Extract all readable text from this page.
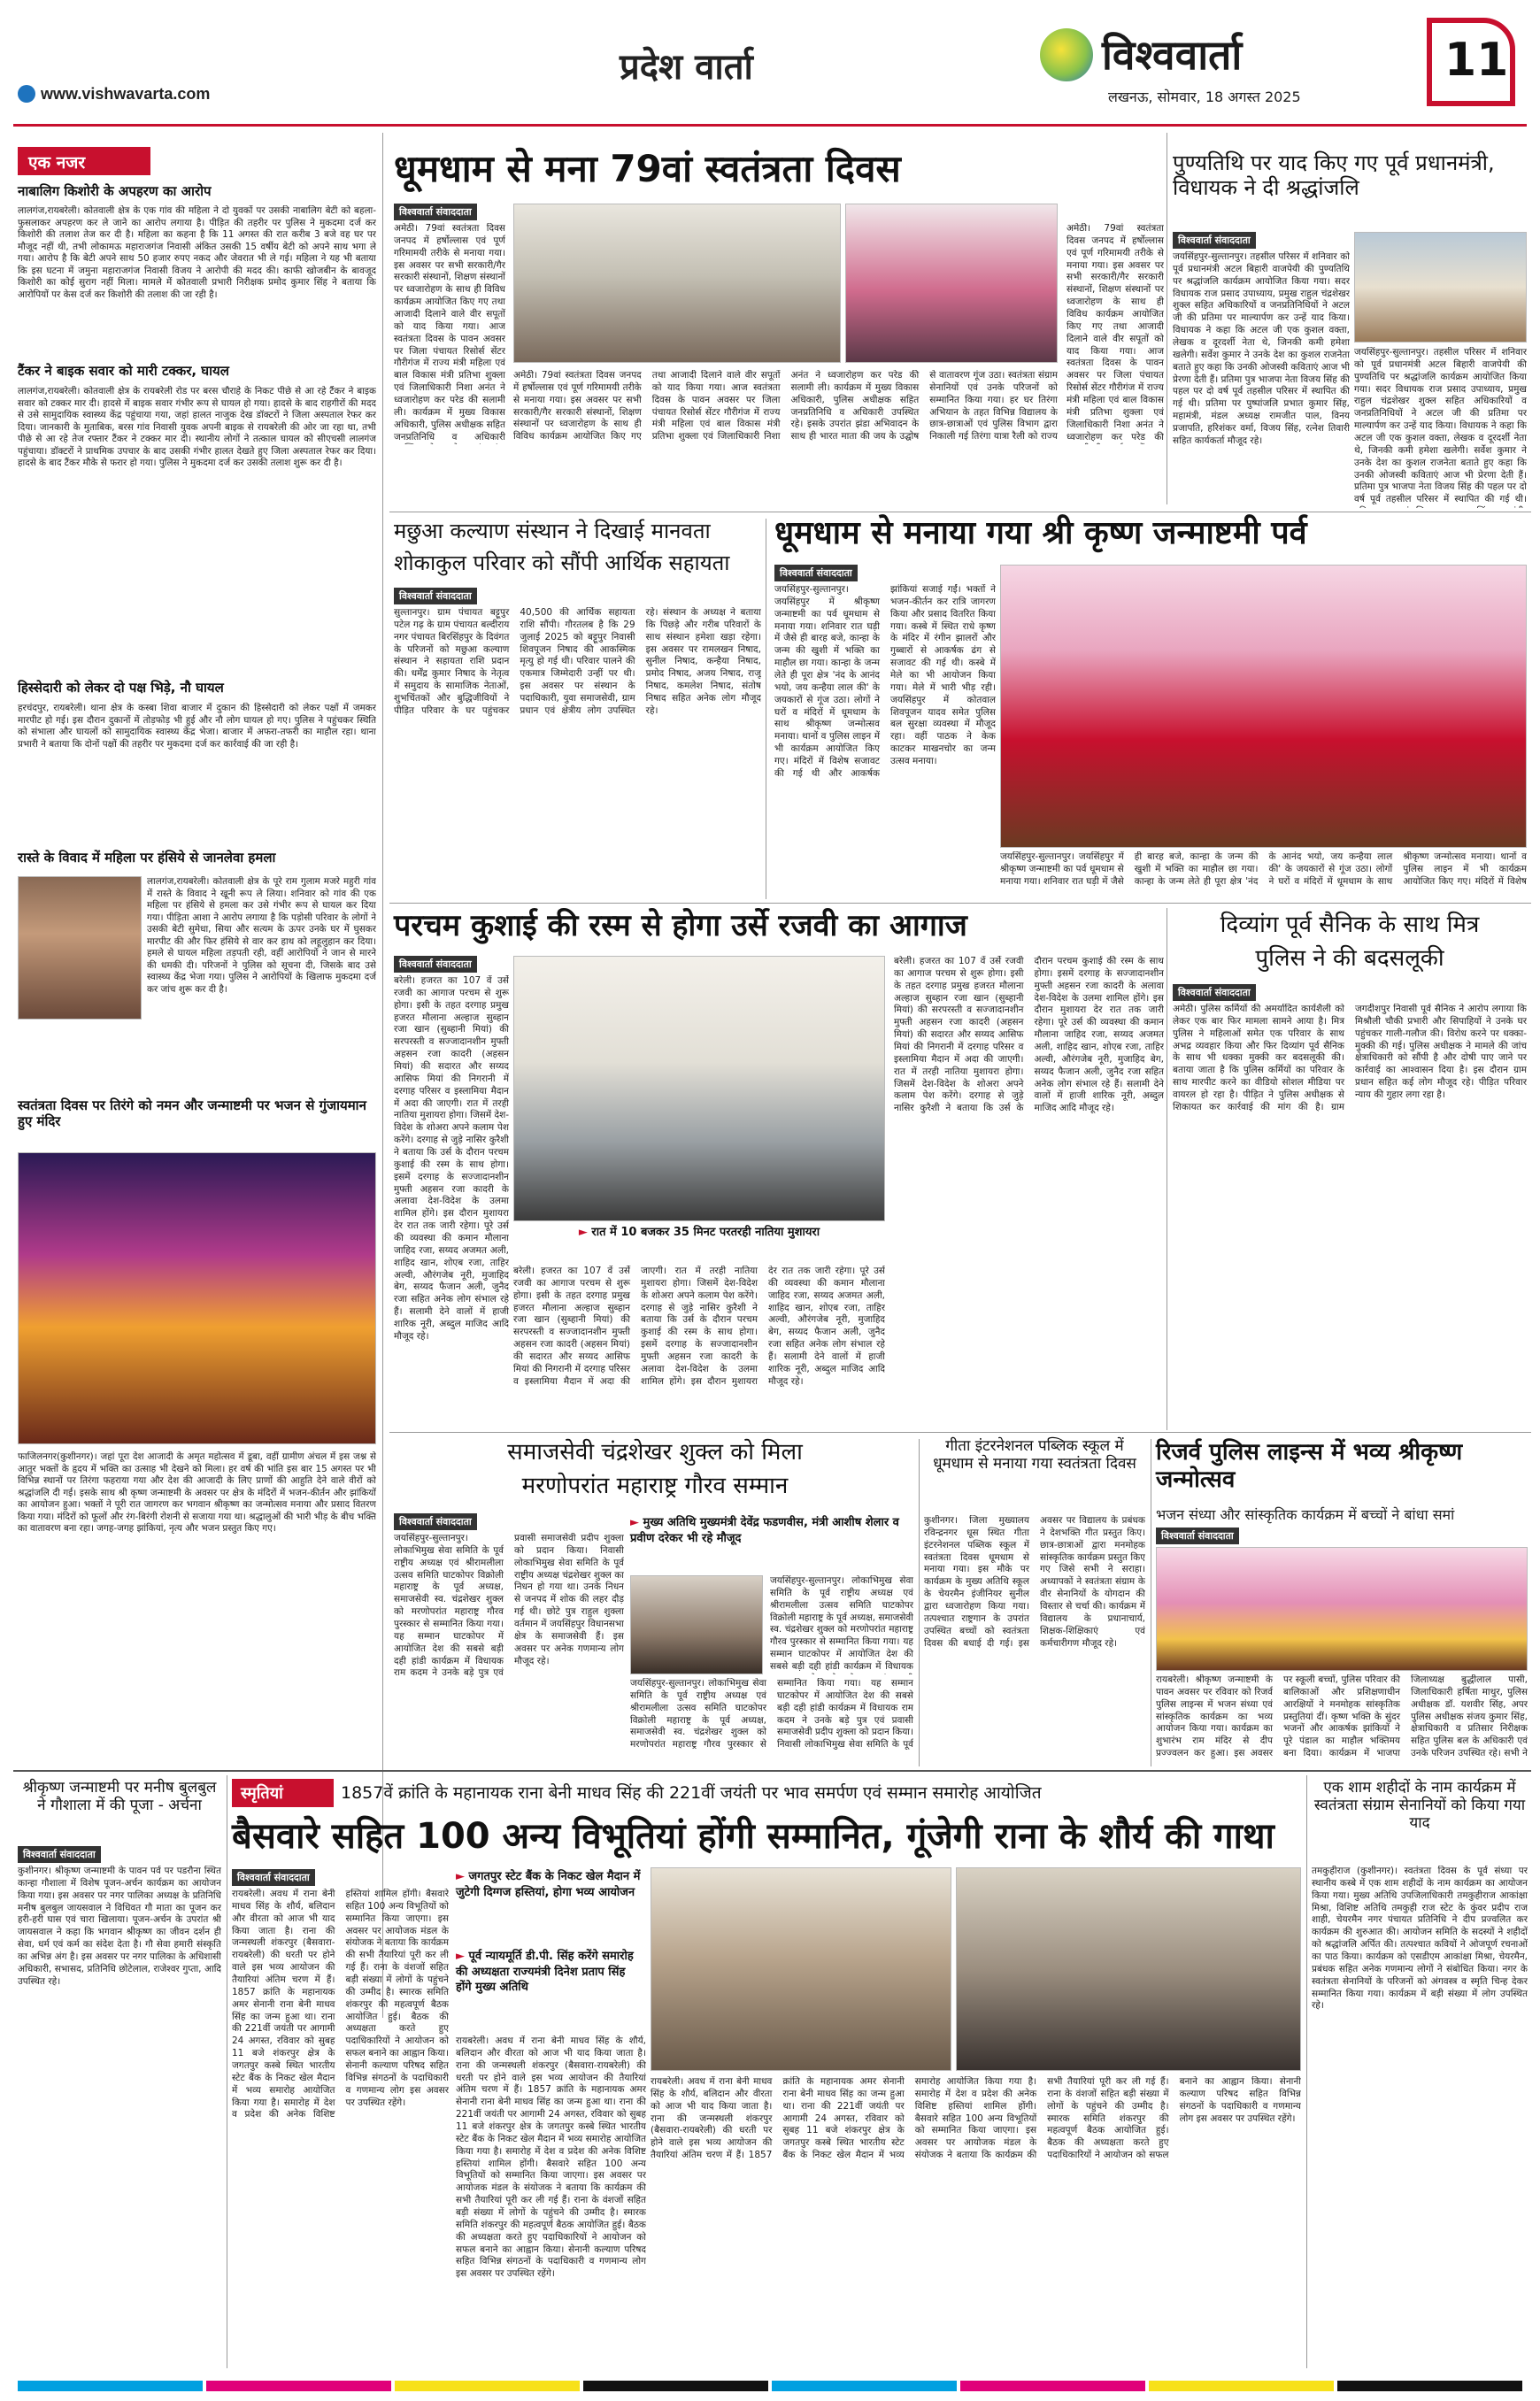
www.vishwavarta.com
प्रदेश वार्ता	विश्ववार्ता
लखनऊ, सोमवार, 18 अगस्त 2025
11
एक नजर
नाबालिग किशोरी के अपहरण का आरोप
लालगंज,रायबरेली। कोतवाली क्षेत्र के एक गांव की महिला ने दो युवकों पर उसकी नाबालिग बेटी को बहला-फुसलाकर अपहरण कर ले जाने का आरोप लगाया है। पीड़ित की तहरीर पर पुलिस ने मुकदमा दर्ज कर किशोरी की तलाश तेज कर दी है। महिला का कहना है कि 11 अगस्त की रात करीब 3 बजे वह घर पर मौजूद नहीं थी, तभी लोकामऊ महाराजगंज निवासी अंकित उसकी 15 वर्षीय बेटी को अपने साथ भगा ले गया। आरोप है कि बेटी अपने साथ 50 हजार रुपए नकद और जेवरात भी ले गई। महिला ने यह भी बताया कि इस घटना में जमुना महाराजगंज निवासी विजय ने आरोपी की मदद की। काफी खोजबीन के बावजूद किशोरी का कोई सुराग नहीं मिला। मामले में कोतवाली प्रभारी निरीक्षक प्रमोद कुमार सिंह ने बताया कि आरोपियों पर केस दर्ज कर किशोरी की तलाश की जा रही है।
टैंकर ने बाइक सवार को मारी टक्कर, घायल
लालगंज,रायबरेली। कोतवाली क्षेत्र के रायबरेली रोड पर बरस चौराहे के निकट पीछे से आ रहे टैंकर ने बाइक सवार को टक्कर मार दी। हादसे में बाइक सवार गंभीर रूप से घायल हो गया। हादसे के बाद राहगीरों की मदद से उसे सामुदायिक स्वास्थ्य केंद्र पहुंचाया गया, जहां हालत नाजुक देख डॉक्टरों ने जिला अस्पताल रेफर कर दिया। जानकारी के मुताबिक, बरस गांव निवासी युवक अपनी बाइक से रायबरेली की ओर जा रहा था, तभी पीछे से आ रहे तेज रफ्तार टैंकर ने टक्कर मार दी। स्थानीय लोगों ने तत्काल घायल को सीएचसी लालगंज पहुंचाया। डॉक्टरों ने प्राथमिक उपचार के बाद उसकी गंभीर हालत देखते हुए जिला अस्पताल रेफर कर दिया। हादसे के बाद टैंकर मौके से फरार हो गया। पुलिस ने मुकदमा दर्ज कर उसकी तलाश शुरू कर दी है।
हिस्सेदारी को लेकर दो पक्ष भिड़े, नौ घायल
हरचंदपुर, रायबरेली। थाना क्षेत्र के कस्बा शिवा बाजार में दुकान की हिस्सेदारी को लेकर पक्षों में जमकर मारपीट हो गई। इस दौरान दुकानों में तोड़फोड़ भी हुई और नौ लोग घायल हो गए। पुलिस ने पहुंचकर स्थिति को संभाला और घायलों को सामुदायिक स्वास्थ्य केंद्र भेजा। बाजार में अफरा-तफरी का माहौल रहा। थाना प्रभारी ने बताया कि दोनों पक्षों की तहरीर पर मुकदमा दर्ज कर कार्रवाई की जा रही है।
रास्ते के विवाद में महिला पर हंसिये से जानलेवा हमला
लालगंज,रायबरेली। कोतवाली क्षेत्र के पूरे राम गुलाम मजरे महुरी गांव में रास्ते के विवाद ने खूनी रूप ले लिया। शनिवार को गांव की एक महिला पर हंसिये से हमला कर उसे गंभीर रूप से घायल कर दिया गया। पीड़िता आशा ने आरोप लगाया है कि पड़ोसी परिवार के लोगों ने उसकी बेटी सुमेधा, सिया और सत्यम के ऊपर उनके घर में घुसकर मारपीट की और फिर हंसिये से वार कर हाथ को लहूलुहान कर दिया। हमले से घायल महिला तड़पती रही, वहीं आरोपियों ने जान से मारने की धमकी दी। परिजनों ने पुलिस को सूचना दी, जिसके बाद उसे स्वास्थ्य केंद्र भेजा गया। पुलिस ने आरोपियों के खिलाफ मुकदमा दर्ज कर जांच शुरू कर दी है।
स्वतंत्रता दिवस पर तिरंगे को नमन और जन्माष्टमी पर भजन से गुंजायमान हुए मंदिर
फाजिलनगर(कुशीनगर)। जहां पूरा देश आजादी के अमृत महोत्सव में डूबा, वहीं ग्रामीण अंचल में इस जश्न से आतुर भक्तों के हृदय में भक्ति का उत्साह भी देखने को मिला। हर वर्ष की भांति इस बार 15 अगस्त पर भी विभिन्न स्थानों पर तिरंगा फहराया गया और देश की आजादी के लिए प्राणों की आहुति देने वाले वीरों को श्रद्धांजलि दी गई। इसके साथ श्री कृष्ण जन्माष्टमी के अवसर पर क्षेत्र के मंदिरों में भजन-कीर्तन और झांकियों का आयोजन हुआ। भक्तों ने पूरी रात जागरण कर भगवान श्रीकृष्ण का जन्मोत्सव मनाया और प्रसाद वितरण किया गया। मंदिरों को फूलों और रंग-बिरंगी रोशनी से सजाया गया था। श्रद्धालुओं की भारी भीड़ के बीच भक्ति का वातावरण बना रहा। जगह-जगह झांकियां, नृत्य और भजन प्रस्तुत किए गए।
धूमधाम से मना 79वां स्वतंत्रता दिवस
विश्ववार्ता संवाददाता
अमेठी। 79वां स्वतंत्रता दिवस जनपद में हर्षोल्लास एवं पूर्ण गरिमामयी तरीके से मनाया गया। इस अवसर पर सभी सरकारी/गैर सरकारी संस्थानों, शिक्षण संस्थानों पर ध्वजारोहण के साथ ही विविध कार्यक्रम आयोजित किए गए तथा आजादी दिलाने वाले वीर सपूतों को याद किया गया। आज स्वतंत्रता दिवस के पावन अवसर पर जिला पंचायत रिसोर्स सेंटर गौरीगंज में राज्य मंत्री महिला एवं बाल विकास मंत्री प्रतिभा शुक्ला एवं जिलाधिकारी निशा अनंत ने ध्वजारोहण कर परेड की सलामी ली। कार्यक्रम में मुख्य विकास अधिकारी, पुलिस अधीक्षक सहित जनप्रतिनिधि व अधिकारी
अमेठी। 79वां स्वतंत्रता दिवस जनपद में हर्षोल्लास एवं पूर्ण गरिमामयी तरीके से मनाया गया। इस अवसर पर सभी सरकारी/गैर सरकारी संस्थानों, शिक्षण संस्थानों पर ध्वजारोहण के साथ ही विविध कार्यक्रम आयोजित किए गए तथा आजादी दिलाने वाले वीर सपूतों को याद किया गया। आज स्वतंत्रता दिवस के पावन अवसर पर जिला पंचायत रिसोर्स सेंटर गौरीगंज में राज्य मंत्री महिला एवं बाल विकास मंत्री प्रतिभा शुक्ला एवं जिलाधिकारी निशा अनंत ने ध्वजारोहण कर परेड की सलामी ली। कार्यक्रम में मुख्य विकास अधिकारी, पुलिस अधीक्षक सहित जनप्रतिनिधि व अधिकारी उपस्थित रहे। इसके उपरांत झंडा अभिवादन के साथ ही भारत माता की जय के उद्घोष से वातावरण गूंज उठा। स्वतंत्रता संग्राम सेनानियों एवं उनके परिजनों को सम्मानित किया गया। हर घर तिरंगा अभियान के तहत विभिन्न विद्यालय के छात्र-छात्राओं एवं पुलिस विभाग द्वारा निकाली गई तिरंगा यात्रा रैली को राज्य
अमेठी। 79वां स्वतंत्रता दिवस जनपद में हर्षोल्लास एवं पूर्ण गरिमामयी तरीके से मनाया गया। इस अवसर पर सभी सरकारी/गैर सरकारी संस्थानों, शिक्षण संस्थानों पर ध्वजारोहण के साथ ही विविध कार्यक्रम आयोजित किए गए तथा आजादी दिलाने वाले वीर सपूतों को याद किया गया। आज स्वतंत्रता दिवस के पावन अवसर पर जिला पंचायत रिसोर्स सेंटर गौरीगंज में राज्य मंत्री महिला एवं बाल विकास मंत्री प्रतिभा शुक्ला एवं जिलाधिकारी निशा अनंत ने ध्वजारोहण कर परेड की
पुण्यतिथि पर याद किए गए पूर्व प्रधानमंत्री, विधायक ने दी श्रद्धांजलि
विश्ववार्ता संवाददाता
जयसिंहपुर-सुल्तानपुर। तहसील परिसर में शनिवार को पूर्व प्रधानमंत्री अटल बिहारी वाजपेयी की पुण्यतिथि पर श्रद्धांजलि कार्यक्रम आयोजित किया गया। सदर विधायक राज प्रसाद उपाध्याय, प्रमुख राहुल चंद्रशेखर शुक्ल सहित अधिकारियों व जनप्रतिनिधियों ने अटल जी की प्रतिमा पर माल्यार्पण कर उन्हें याद किया। विधायक ने कहा कि अटल जी एक कुशल वक्ता, लेखक व दूरदर्शी नेता थे, जिनकी कमी हमेशा खलेगी। सर्वेश कुमार ने उनके देश का कुशल राजनेता बताते हुए कहा कि उनकी ओजस्वी कविताएं आज भी प्रेरणा देती हैं। प्रतिमा पुत्र भाजपा नेता विजय सिंह की पहल पर दो वर्ष पूर्व तहसील परिसर में स्थापित की गई थी। प्रतिमा पर पुष्पांजलि प्रभात कुमार सिंह, महामंत्री, मंडल अध्यक्ष रामजीत पाल, विनय प्रजापति, हरिशंकर वर्मा, विजय सिंह, रत्नेश तिवारी सहित कार्यकर्ता मौजूद रहे।
जयसिंहपुर-सुल्तानपुर। तहसील परिसर में शनिवार को पूर्व प्रधानमंत्री अटल बिहारी वाजपेयी की पुण्यतिथि पर श्रद्धांजलि कार्यक्रम आयोजित किया गया। सदर विधायक राज प्रसाद उपाध्याय, प्रमुख राहुल चंद्रशेखर शुक्ल सहित अधिकारियों व जनप्रतिनिधियों ने अटल जी की प्रतिमा पर माल्यार्पण कर उन्हें याद किया। विधायक ने कहा कि अटल जी एक कुशल वक्ता, लेखक व दूरदर्शी नेता थे, जिनकी कमी हमेशा खलेगी। सर्वेश कुमार ने उनके देश का कुशल राजनेता बताते हुए कहा कि उनकी ओजस्वी कविताएं आज भी प्रेरणा देती हैं। प्रतिमा पुत्र भाजपा नेता विजय सिंह की पहल पर दो वर्ष पूर्व तहसील परिसर में स्थापित की गई थी।
मछुआ कल्याण संस्थान ने दिखाई मानवता
शोकाकुल परिवार को सौंपी आर्थिक सहायता
विश्ववार्ता संवाददाता
सुल्तानपुर। ग्राम पंचायत बट्टूपुर पटेल गढ़ के ग्राम पंचायत बल्दीराय नगर पंचायत बिरसिंहपुर के दिवंगत के परिजनों को मछुआ कल्याण संस्थान ने सहायता राशि प्रदान की। धर्मेंद्र कुमार निषाद के नेतृत्व में समुदाय के सामाजिक नेताओं, शुभचिंतकों और बुद्धिजीवियों ने पीड़ित परिवार के घर पहुंचकर 40,500 की आर्थिक सहायता राशि सौंपी। गौरतलब है कि 29 जुलाई 2025 को बट्टूपुर निवासी शिवपूजन निषाद की आकस्मिक मृत्यु हो गई थी। परिवार पालने की एकमात्र जिम्मेदारी उन्हीं पर थी। इस अवसर पर संस्थान के पदाधिकारी, युवा समाजसेवी, ग्राम प्रधान एवं क्षेत्रीय लोग उपस्थित रहे। संस्थान के अध्यक्ष ने बताया कि पिछड़े और गरीब परिवारों के साथ संस्थान हमेशा खड़ा रहेगा। इस अवसर पर रामलखन निषाद, सुनील निषाद, कन्हैया निषाद, प्रमोद निषाद, अजय निषाद, राजू निषाद, कमलेश निषाद, संतोष निषाद सहित अनेक लोग मौजूद रहे।
धूमधाम से मनाया गया श्री कृष्ण जन्माष्टमी पर्व
विश्ववार्ता संवाददाता
जयसिंहपुर-सुल्तानपुर। जयसिंहपुर में श्रीकृष्ण जन्माष्टमी का पर्व धूमधाम से मनाया गया। शनिवार रात घड़ी में जैसे ही बारह बजे, कान्हा के जन्म की खुशी में भक्ति का माहौल छा गया। कान्हा के जन्म लेते ही पूरा क्षेत्र 'नंद के आनंद भयो, जय कन्हैया लाल की' के जयकारों से गूंज उठा। लोगों ने घरों व मंदिरों में धूमधाम के साथ श्रीकृष्ण जन्मोत्सव मनाया। थानों व पुलिस लाइन में भी कार्यक्रम आयोजित किए गए। मंदिरों में विशेष सजावट की गई थी और आकर्षक झांकियां सजाई गईं। भक्तों ने भजन-कीर्तन कर रात्रि जागरण किया और प्रसाद वितरित किया गया। कस्बे में स्थित राधे कृष्ण के मंदिर में रंगीन झालरों और गुब्बारों से आकर्षक ढंग से सजावट की गई थी। कस्बे में मेले का भी आयोजन किया गया। मेले में भारी भीड़ रही। जयसिंहपुर में कोतवाल शिवपूजन यादव समेत पुलिस बल सुरक्षा व्यवस्था में मौजूद रहा। वहीं पाठक ने केक काटकर माखनचोर का जन्म उत्सव मनाया।
जयसिंहपुर-सुल्तानपुर। जयसिंहपुर में श्रीकृष्ण जन्माष्टमी का पर्व धूमधाम से मनाया गया। शनिवार रात घड़ी में जैसे ही बारह बजे, कान्हा के जन्म की खुशी में भक्ति का माहौल छा गया। कान्हा के जन्म लेते ही पूरा क्षेत्र 'नंद के आनंद भयो, जय कन्हैया लाल की' के जयकारों से गूंज उठा। लोगों ने घरों व मंदिरों में धूमधाम के साथ श्रीकृष्ण जन्मोत्सव मनाया। थानों व पुलिस लाइन में भी कार्यक्रम आयोजित किए गए। मंदिरों में विशेष
परचम कुशाई की रस्म से होगा उर्से रजवी का आगाज
विश्ववार्ता संवाददाता
बरेली। हजरत का 107 वें उर्से रजवी का आगाज परचम से शुरू होगा। इसी के तहत दरगाह प्रमुख हजरत मौलाना अल्हाज सुब्हान रजा खान (सुब्हानी मियां) की सरपरस्ती व सज्जादानशीन मुफ्ती अहसन रजा कादरी (अहसन मियां) की सदारत और सय्यद आसिफ मियां की निगरानी में दरगाह परिसर व इस्लामिया मैदान में अदा की जाएगी। रात में तरही नातिया मुशायरा होगा। जिसमें देश-विदेश के शोअरा अपने कलाम पेश करेंगे। दरगाह से जुड़े नासिर कुरैशी ने बताया कि उर्स के दौरान परचम कुशाई की रस्म के साथ होगा। इसमें दरगाह के सज्जादानशीन मुफ्ती अहसन रजा कादरी के अलावा देश-विदेश के उलमा शामिल होंगे। इस दौरान मुशायरा देर रात तक जारी रहेगा। पूरे उर्स की व्यवस्था की कमान मौलाना जाहिद रजा, सय्यद अजमत अली, शाहिद खान, शोएब रजा, ताहिर अल्वी, औरंगजेब नूरी, मुजाहिद बेग, सय्यद फैजान अली, जुनैद रजा सहित अनेक लोग संभाल रहे हैं। सलामी देने वालों में हाजी शारिक नूरी, अब्दुल माजिद आदि मौजूद रहे।
► रात में 10 बजकर 35 मिनट परतरही नातिया मुशायरा
बरेली। हजरत का 107 वें उर्से रजवी का आगाज परचम से शुरू होगा। इसी के तहत दरगाह प्रमुख हजरत मौलाना अल्हाज सुब्हान रजा खान (सुब्हानी मियां) की सरपरस्ती व सज्जादानशीन मुफ्ती अहसन रजा कादरी (अहसन मियां) की सदारत और सय्यद आसिफ मियां की निगरानी में दरगाह परिसर व इस्लामिया मैदान में अदा की जाएगी। रात में तरही नातिया मुशायरा होगा। जिसमें देश-विदेश के शोअरा अपने कलाम पेश करेंगे। दरगाह से जुड़े नासिर कुरैशी ने बताया कि उर्स के दौरान परचम कुशाई की रस्म के साथ होगा। इसमें दरगाह के सज्जादानशीन मुफ्ती अहसन रजा कादरी के अलावा देश-विदेश के उलमा शामिल होंगे। इस दौरान मुशायरा देर रात तक जारी रहेगा। पूरे उर्स की व्यवस्था की कमान मौलाना जाहिद रजा, सय्यद अजमत अली, शाहिद खान, शोएब रजा, ताहिर अल्वी, औरंगजेब नूरी, मुजाहिद बेग, सय्यद फैजान अली, जुनैद रजा सहित अनेक लोग संभाल रहे हैं। सलामी देने वालों में हाजी शारिक नूरी, अब्दुल माजिद आदि मौजूद रहे।
बरेली। हजरत का 107 वें उर्से रजवी का आगाज परचम से शुरू होगा। इसी के तहत दरगाह प्रमुख हजरत मौलाना अल्हाज सुब्हान रजा खान (सुब्हानी मियां) की सरपरस्ती व सज्जादानशीन मुफ्ती अहसन रजा कादरी (अहसन मियां) की सदारत और सय्यद आसिफ मियां की निगरानी में दरगाह परिसर व इस्लामिया मैदान में अदा की जाएगी। रात में तरही नातिया मुशायरा होगा। जिसमें देश-विदेश के शोअरा अपने कलाम पेश करेंगे। दरगाह से जुड़े नासिर कुरैशी ने बताया कि उर्स के दौरान परचम कुशाई की रस्म के साथ होगा। इसमें दरगाह के सज्जादानशीन मुफ्ती अहसन रजा कादरी के अलावा देश-विदेश के उलमा शामिल होंगे। इस दौरान मुशायरा देर रात तक जारी रहेगा। पूरे उर्स की व्यवस्था की कमान मौलाना जाहिद रजा, सय्यद अजमत अली, शाहिद खान, शोएब रजा, ताहिर अल्वी, औरंगजेब नूरी, मुजाहिद बेग, सय्यद फैजान अली, जुनैद रजा सहित अनेक लोग संभाल रहे हैं। सलामी देने वालों में हाजी शारिक नूरी, अब्दुल माजिद आदि मौजूद रहे।
दिव्यांग पूर्व सैनिक के साथ मित्र
पुलिस ने की बदसलूकी
विश्ववार्ता संवाददाता
अमेठी। पुलिस कर्मियों की अमर्यादित कार्यशैली को लेकर एक बार फिर मामला सामने आया है। मित्र पुलिस ने महिलाओं समेत एक परिवार के साथ अभद्र व्यवहार किया और फिर दिव्यांग पूर्व सैनिक के साथ भी धक्का मुक्की कर बदसलूकी की। बताया जाता है कि पुलिस कर्मियों का परिवार के साथ मारपीट करने का वीडियो सोशल मीडिया पर वायरल हो रहा है। पीड़ित ने पुलिस अधीक्षक से शिकायत कर कार्रवाई की मांग की है। ग्राम जगदीशपुर निवासी पूर्व सैनिक ने आरोप लगाया कि मिश्रौली चौकी प्रभारी और सिपाहियों ने उनके घर पहुंचकर गाली-गलौज की। विरोध करने पर धक्का-मुक्की की गई। पुलिस अधीक्षक ने मामले की जांच क्षेत्राधिकारी को सौंपी है और दोषी पाए जाने पर कार्रवाई का आश्वासन दिया है। इस दौरान ग्राम प्रधान सहित कई लोग मौजूद रहे। पीड़ित परिवार न्याय की गुहार लगा रहा है।
समाजसेवी चंद्रशेखर शुक्ल को मिला
मरणोपरांत महाराष्ट्र गौरव सम्मान
विश्ववार्ता संवाददाता
जयसिंहपुर-सुल्तानपुर। लोकाभिमुख सेवा समिति के पूर्व राष्ट्रीय अध्यक्ष एवं श्रीरामलीला उत्सव समिति घाटकोपर विक्रोली महाराष्ट्र के पूर्व अध्यक्ष, समाजसेवी स्व. चंद्रशेखर शुक्ल को मरणोपरांत महाराष्ट्र गौरव पुरस्कार से सम्मानित किया गया। यह सम्मान घाटकोपर में आयोजित देश की सबसे बड़ी दही हांडी कार्यक्रम में विधायक राम कदम ने उनके बड़े पुत्र एवं प्रवासी समाजसेवी प्रदीप शुक्ला को प्रदान किया। निवासी लोकाभिमुख सेवा समिति के पूर्व राष्ट्रीय अध्यक्ष चंद्रशेखर शुक्ल का निधन हो गया था। उनके निधन से जनपद में शोक की लहर दौड़ गई थी। छोटे पुत्र राहुल शुक्ला वर्तमान में जयसिंहपुर विधानसभा क्षेत्र के समाजसेवी हैं। इस अवसर पर अनेक गणमान्य लोग मौजूद रहे।
► मुख्य अतिथि मुख्यमंत्री देवेंद्र फडणवीस, मंत्री आशीष शेलार व प्रवीण दरेकर भी रहे मौजूद
जयसिंहपुर-सुल्तानपुर। लोकाभिमुख सेवा समिति के पूर्व राष्ट्रीय अध्यक्ष एवं श्रीरामलीला उत्सव समिति घाटकोपर विक्रोली महाराष्ट्र के पूर्व अध्यक्ष, समाजसेवी स्व. चंद्रशेखर शुक्ल को मरणोपरांत महाराष्ट्र गौरव पुरस्कार से सम्मानित किया गया। यह सम्मान घाटकोपर में आयोजित देश की सबसे बड़ी दही हांडी कार्यक्रम में विधायक राम कदम ने उनके बड़े पुत्र एवं प्रवासी समाजसेवी प्रदीप शुक्ला को प्रदान किया। निवासी लोकाभिमुख सेवा समिति के पूर्व
जयसिंहपुर-सुल्तानपुर। लोकाभिमुख सेवा समिति के पूर्व राष्ट्रीय अध्यक्ष एवं श्रीरामलीला उत्सव समिति घाटकोपर विक्रोली महाराष्ट्र के पूर्व अध्यक्ष, समाजसेवी स्व. चंद्रशेखर शुक्ल को मरणोपरांत महाराष्ट्र गौरव पुरस्कार से सम्मानित किया गया। यह सम्मान घाटकोपर में आयोजित देश की सबसे बड़ी दही हांडी कार्यक्रम में विधायक
गीता इंटरनेशनल पब्लिक स्कूल में धूमधाम से मनाया गया स्वतंत्रता दिवस
कुशीनगर। जिला मुख्यालय रविन्द्रनगर धूस स्थित गीता इंटरनेशनल पब्लिक स्कूल में स्वतंत्रता दिवस धूमधाम से मनाया गया। इस मौके पर कार्यक्रम के मुख्य अतिथि स्कूल के चेयरमैन इंजीनियर सुनील द्वारा ध्वजारोहण किया गया। तत्पश्चात राष्ट्रगान के उपरांत उपस्थित बच्चों को स्वतंत्रता दिवस की बधाई दी गई। इस अवसर पर विद्यालय के प्रबंधक ने देशभक्ति गीत प्रस्तुत किए। छात्र-छात्राओं द्वारा मनमोहक सांस्कृतिक कार्यक्रम प्रस्तुत किए गए जिसे सभी ने सराहा। अध्यापकों ने स्वतंत्रता संग्राम के वीर सेनानियों के योगदान की विस्तार से चर्चा की। कार्यक्रम में विद्यालय के प्रधानाचार्य, शिक्षक-शिक्षिकाएं एवं कर्मचारीगण मौजूद रहे।
रिजर्व पुलिस लाइन्स में भव्य श्रीकृष्ण जन्मोत्सव
भजन संध्या और सांस्कृतिक कार्यक्रम में बच्चों ने बांधा समां
विश्ववार्ता संवाददाता
रायबरेली। श्रीकृष्ण जन्माष्टमी के पावन अवसर पर रविवार को रिजर्व पुलिस लाइन्स में भजन संध्या एवं सांस्कृतिक कार्यक्रम का भव्य आयोजन किया गया। कार्यक्रम का शुभारंभ राम मंदिर से दीप प्रज्ज्वलन कर हुआ। इस अवसर पर स्कूली बच्चों, पुलिस परिवार की बालिकाओं और प्रशिक्षणाधीन आरक्षियों ने मनमोहक सांस्कृतिक प्रस्तुतियां दीं। कृष्ण भक्ति के सुंदर भजनों और आकर्षक झांकियों ने पूरे पंडाल का माहौल भक्तिमय बना दिया। कार्यक्रम में भाजपा जिलाध्यक्ष बुद्धीलाल पासी, जिलाधिकारी हर्षिता माथुर, पुलिस अधीक्षक डॉ. यशवीर सिंह, अपर पुलिस अधीक्षक संजय कुमार सिंह, क्षेत्राधिकारी व प्रतिसार निरीक्षक सहित पुलिस बल के अधिकारी एवं उनके परिजन उपस्थित रहे। सभी ने
श्रीकृष्ण जन्माष्टमी पर मनीष बुलबुल ने गौशाला में की पूजा - अर्चना
विश्ववार्ता संवाददाता
कुशीनगर। श्रीकृष्ण जन्माष्टमी के पावन पर्व पर पडरौना स्थित कान्हा गौशाला में विशेष पूजन-अर्चन कार्यक्रम का आयोजन किया गया। इस अवसर पर नगर पालिका अध्यक्ष के प्रतिनिधि मनीष बुलबुल जायसवाल ने विधिवत गौ माता का पूजन कर हरी-हरी घास एवं चारा खिलाया। पूजन-अर्चन के उपरांत श्री जायसवाल ने कहा कि भगवान श्रीकृष्ण का जीवन दर्शन ही सेवा, धर्म एवं कर्म का संदेश देता है। गौ सेवा हमारी संस्कृति का अभिन्न अंग है। इस अवसर पर नगर पालिका के अधिशासी अधिकारी, सभासद, प्रतिनिधि छोटेलाल, राजेश्वर गुप्ता, आदि उपस्थित रहे।
स्मृतियां	1857वें क्रांति के महानायक राना बेनी माधव सिंह की 221वीं जयंती पर भाव समर्पण एवं सम्मान समारोह आयोजित
बैसवारे सहित 100 अन्य विभूतियां होंगी सम्मानित, गूंजेगी राना के शौर्य की गाथा
विश्ववार्ता संवाददाता
रायबरेली। अवध में राना बेनी माधव सिंह के शौर्य, बलिदान और वीरता को आज भी याद किया जाता है। राना की जन्मस्थली शंकरपुर (बैसवारा-रायबरेली) की धरती पर होने वाले इस भव्य आयोजन की तैयारियां अंतिम चरण में हैं। 1857 क्रांति के महानायक अमर सेनानी राना बेनी माधव सिंह का जन्म हुआ था। राना की 221वीं जयंती पर आगामी 24 अगस्त, रविवार को सुबह 11 बजे शंकरपुर क्षेत्र के जगतपुर कस्बे स्थित भारतीय स्टेट बैंक के निकट खेल मैदान में भव्य समारोह आयोजित किया गया है। समारोह में देश व प्रदेश की अनेक विशिष्ट हस्तियां शामिल होंगी। बैसवारे सहित 100 अन्य विभूतियों को सम्मानित किया जाएगा। इस अवसर पर आयोजक मंडल के संयोजक ने बताया कि कार्यक्रम की सभी तैयारियां पूरी कर ली गई हैं। राना के वंशजों सहित बड़ी संख्या में लोगों के पहुंचने की उम्मीद है। स्मारक समिति शंकरपुर की महत्वपूर्ण बैठक आयोजित हुई। बैठक की अध्यक्षता करते हुए पदाधिकारियों ने आयोजन को सफल बनाने का आह्वान किया। सेनानी कल्याण परिषद सहित विभिन्न संगठनों के पदाधिकारी व गणमान्य लोग इस अवसर पर उपस्थित रहेंगे।
► जगतपुर स्टेट बैंक के निकट खेल मैदान में जुटेगी दिग्गज हस्तियां, होगा भव्य आयोजन
► पूर्व न्यायमूर्ति डी.पी. सिंह करेंगे समारोह की अध्यक्षता राज्यमंत्री दिनेश प्रताप सिंह होंगे मुख्य अतिथि
रायबरेली। अवध में राना बेनी माधव सिंह के शौर्य, बलिदान और वीरता को आज भी याद किया जाता है। राना की जन्मस्थली शंकरपुर (बैसवारा-रायबरेली) की धरती पर होने वाले इस भव्य आयोजन की तैयारियां अंतिम चरण में हैं। 1857 क्रांति के महानायक अमर सेनानी राना बेनी माधव सिंह का जन्म हुआ था। राना की 221वीं जयंती पर आगामी 24 अगस्त, रविवार को सुबह 11 बजे शंकरपुर क्षेत्र के जगतपुर कस्बे स्थित भारतीय स्टेट बैंक के निकट खेल मैदान में भव्य समारोह आयोजित किया गया है। समारोह में देश व प्रदेश की अनेक विशिष्ट हस्तियां शामिल होंगी। बैसवारे सहित 100 अन्य विभूतियों को सम्मानित किया जाएगा। इस अवसर पर आयोजक मंडल के संयोजक ने बताया कि कार्यक्रम की सभी तैयारियां पूरी कर ली गई हैं। राना के वंशजों सहित बड़ी संख्या में लोगों के पहुंचने की उम्मीद है। स्मारक समिति शंकरपुर की महत्वपूर्ण बैठक आयोजित हुई। बैठक की अध्यक्षता करते हुए पदाधिकारियों ने आयोजन को सफल बनाने का आह्वान किया। सेनानी कल्याण परिषद सहित विभिन्न संगठनों के पदाधिकारी व गणमान्य लोग इस अवसर पर उपस्थित रहेंगे।
रायबरेली। अवध में राना बेनी माधव सिंह के शौर्य, बलिदान और वीरता को आज भी याद किया जाता है। राना की जन्मस्थली शंकरपुर (बैसवारा-रायबरेली) की धरती पर होने वाले इस भव्य आयोजन की तैयारियां अंतिम चरण में हैं। 1857 क्रांति के महानायक अमर सेनानी राना बेनी माधव सिंह का जन्म हुआ था। राना की 221वीं जयंती पर आगामी 24 अगस्त, रविवार को सुबह 11 बजे शंकरपुर क्षेत्र के जगतपुर कस्बे स्थित भारतीय स्टेट बैंक के निकट खेल मैदान में भव्य समारोह आयोजित किया गया है। समारोह में देश व प्रदेश की अनेक विशिष्ट हस्तियां शामिल होंगी। बैसवारे सहित 100 अन्य विभूतियों को सम्मानित किया जाएगा। इस अवसर पर आयोजक मंडल के संयोजक ने बताया कि कार्यक्रम की सभी तैयारियां पूरी कर ली गई हैं। राना के वंशजों सहित बड़ी संख्या में लोगों के पहुंचने की उम्मीद है। स्मारक समिति शंकरपुर की महत्वपूर्ण बैठक आयोजित हुई। बैठक की अध्यक्षता करते हुए पदाधिकारियों ने आयोजन को सफल बनाने का आह्वान किया। सेनानी कल्याण परिषद सहित विभिन्न संगठनों के पदाधिकारी व गणमान्य लोग इस अवसर पर उपस्थित रहेंगे।
एक शाम शहीदों के नाम कार्यक्रम में स्वतंत्रता संग्राम सेनानियों को किया गया याद
तमकुहीराज (कुशीनगर)। स्वतंत्रता दिवस के पूर्व संध्या पर स्थानीय कस्बे में एक शाम शहीदों के नाम कार्यक्रम का आयोजन किया गया। मुख्य अतिथि उपजिलाधिकारी तमकुहीराज आकांक्षा मिश्रा, विशिष्ट अतिथि तमकुही राज स्टेट के कुंवर प्रदीप राज शाही, चेयरमैन नगर पंचायत प्रतिनिधि ने दीप प्रज्वलित कर कार्यक्रम की शुरुआत की। आयोजन समिति के सदस्यों ने शहीदों को श्रद्धांजलि अर्पित की। तत्पश्चात कवियों ने ओजपूर्ण रचनाओं का पाठ किया। कार्यक्रम को एसडीएम आकांक्षा मिश्रा, चेयरमैन, प्रबंधक सहित अनेक गणमान्य लोगों ने संबोधित किया। नगर के स्वतंत्रता सेनानियों के परिजनों को अंगवस्त्र व स्मृति चिन्ह देकर सम्मानित किया गया। कार्यक्रम में बड़ी संख्या में लोग उपस्थित रहे।
